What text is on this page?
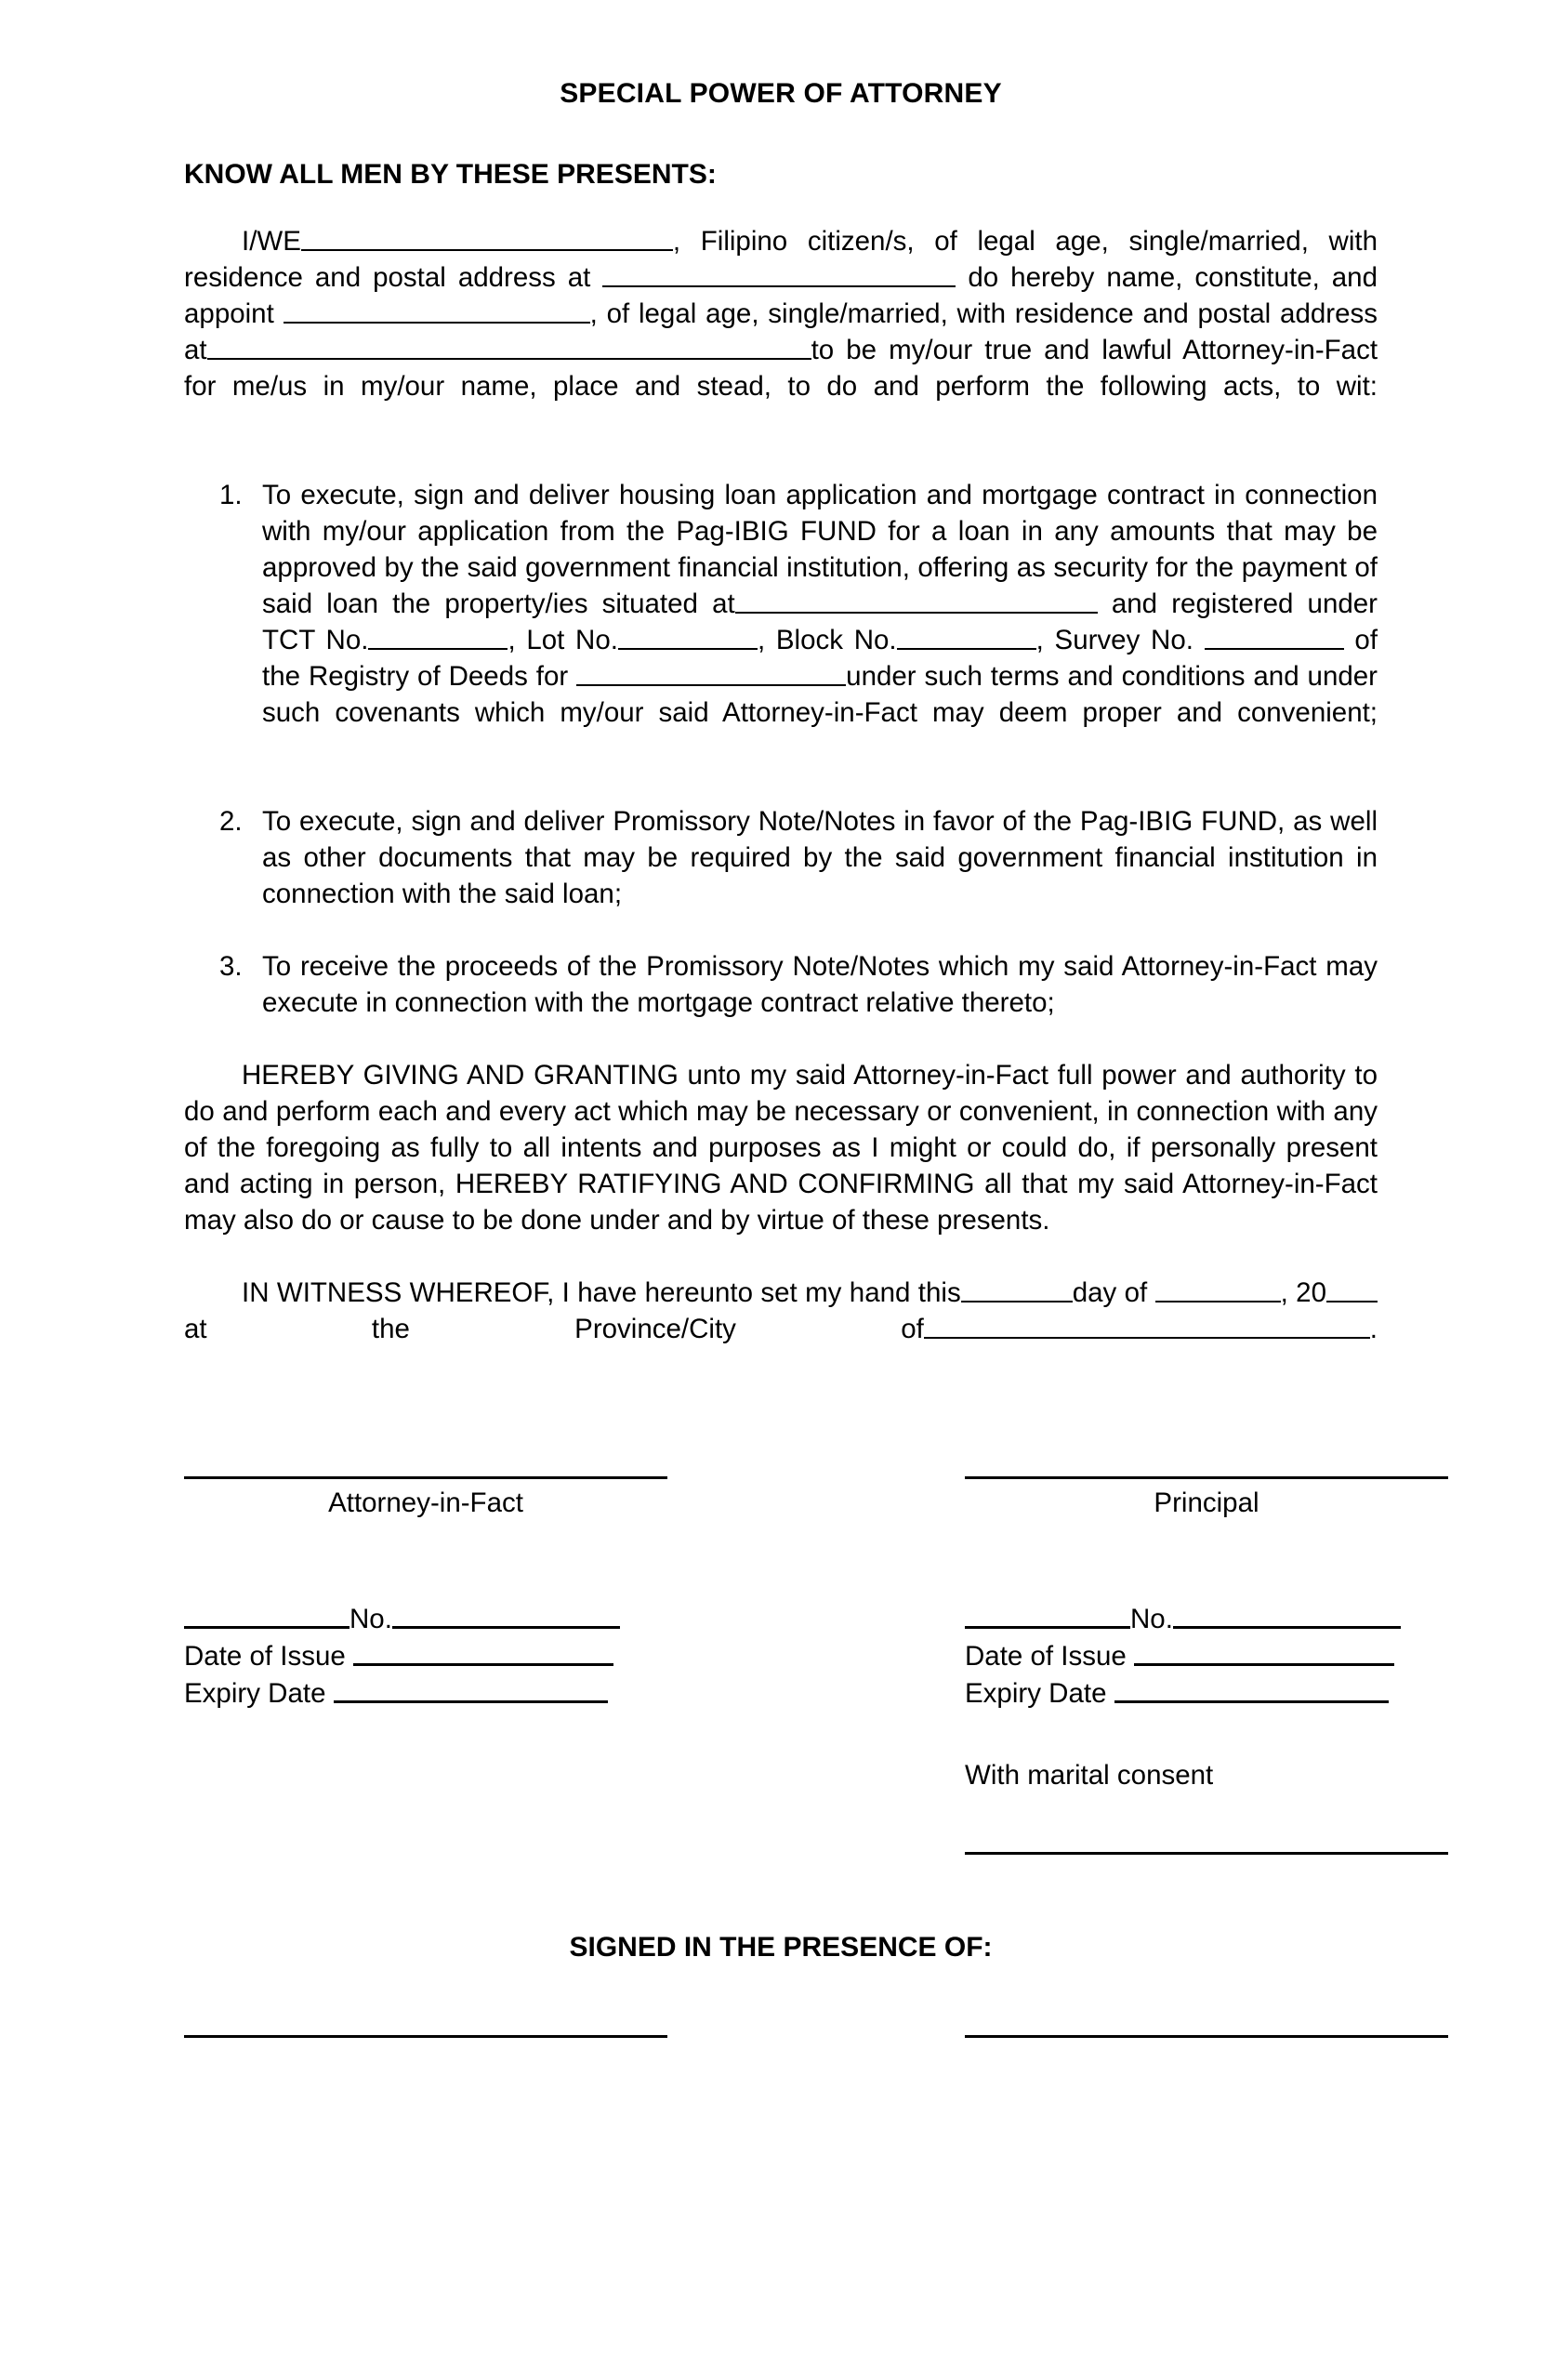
SPECIAL POWER OF ATTORNEY
KNOW ALL MEN BY THESE PRESENTS:
I/WE	, Filipino citizen/s, of legal age, single/married, with residence and postal address at	do hereby name, constitute, and appoint	, of legal age, single/married, with residence and postal address at	to be my/our true and lawful Attorney-in-Fact for me/us in my/our name, place and stead, to do and perform the following acts, to wit:
1. To execute, sign and deliver housing loan application and mortgage contract in connection with my/our application from the Pag-IBIG FUND for a loan in any amounts that may be approved by the said government financial institution, offering as security for the payment of said loan the property/ies situated at	and registered under TCT No.	, Lot No.	, Block No.	, Survey No.	of the Registry of Deeds for	under such terms and conditions and under such covenants which my/our said Attorney-in-Fact may deem proper and convenient;
2. To execute, sign and deliver Promissory Note/Notes in favor of the Pag-IBIG FUND, as well as other documents that may be required by the said government financial institution in connection with the said loan;
3. To receive the proceeds of the Promissory Note/Notes which my said Attorney-in-Fact may execute in connection with the mortgage contract relative thereto;
HEREBY GIVING AND GRANTING unto my said Attorney-in-Fact full power and authority to do and perform each and every act which may be necessary or convenient, in connection with any of the foregoing as fully to all intents and purposes as I might or could do, if personally present and acting in person, HEREBY RATIFYING AND CONFIRMING all that my said Attorney-in-Fact may also do or cause to be done under and by virtue of these presents.
IN WITNESS WHEREOF, I have hereunto set my hand this	day of	, 20at the Province/City of	.
Attorney-in-Fact	Principal
No.
Date of Issue
Expiry Date
No.
Date of Issue
Expiry Date
With marital consent
SIGNED IN THE PRESENCE OF:
